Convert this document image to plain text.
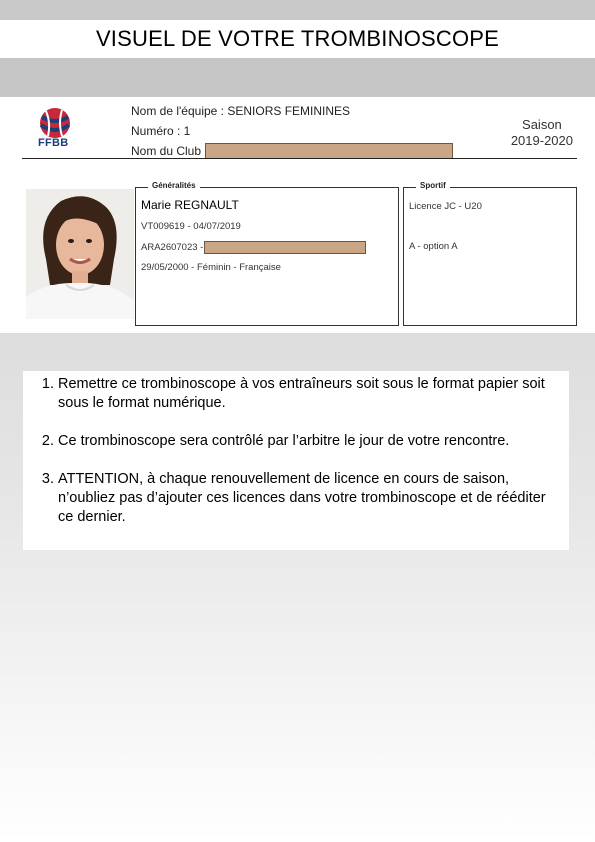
VISUEL DE VOTRE TROMBINOSCOPE
FFBB
Nom de l'équipe : SENIORS FEMININES
Numéro : 1
Nom du Club
Saison
2019-2020
Généralités
Marie REGNAULT
VT009619 - 04/07/2019
ARA2607023 -
29/05/2000 - Féminin - Française
Sportif
Licence JC - U20
A - option A
1. Remettre ce trombinoscope à vos entraîneurs soit sous le format papier soit sous le format numérique.
2. Ce trombinoscope sera contrôlé par l’arbitre le jour de votre rencontre.
3. ATTENTION, à chaque renouvellement de licence en cours de saison, n’oubliez pas d’ajouter ces licences dans votre trombinoscope et de rééditer ce dernier.
